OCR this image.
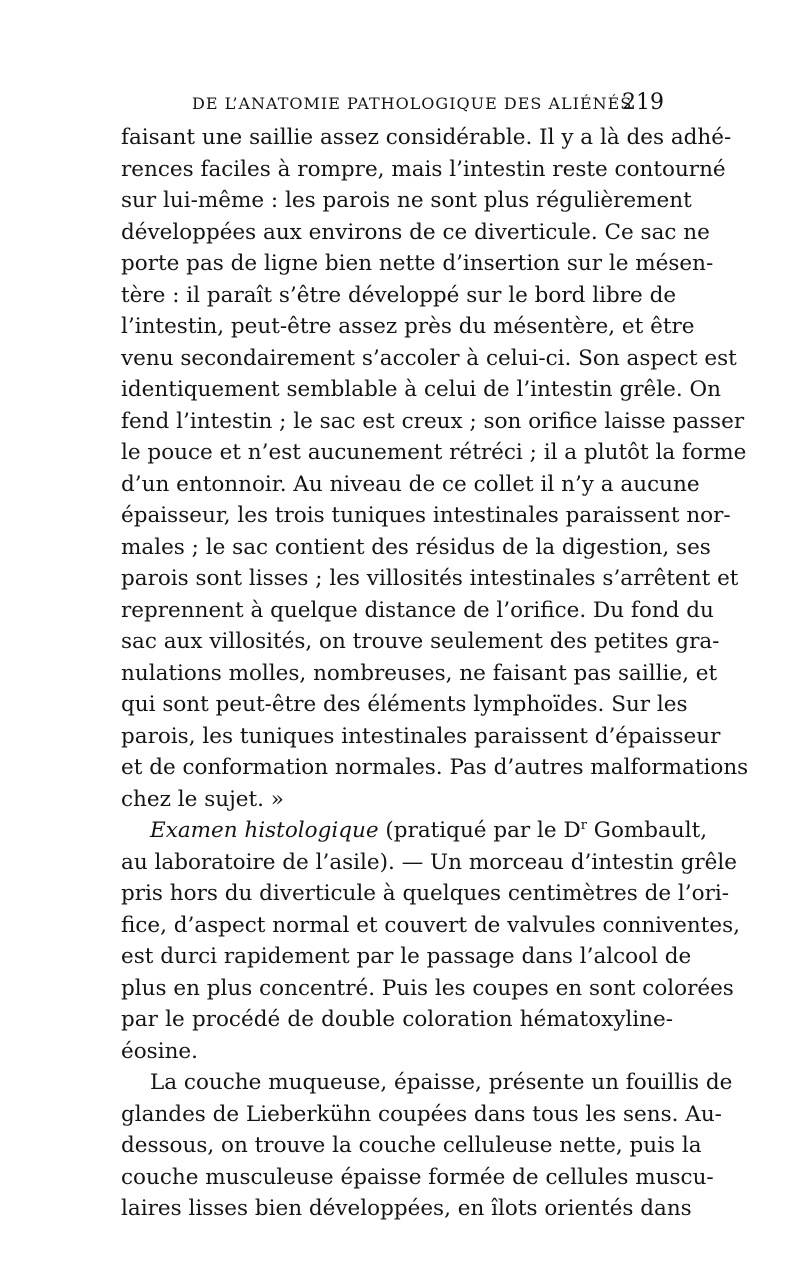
DE L’ANATOMIE PATHOLOGIQUE DES ALIÉNÉS
219
faisant une saillie assez considérable. Il y a là des adhé-
rences faciles à rompre, mais l’intestin reste contourné
sur lui-même : les parois ne sont plus régulièrement
développées aux environs de ce diverticule. Ce sac ne
porte pas de ligne bien nette d’insertion sur le mésen-
tère : il paraît s’être développé sur le bord libre de
l’intestin, peut-être assez près du mésentère, et être
venu secondairement s’accoler à celui-ci. Son aspect est
identiquement semblable à celui de l’intestin grêle. On
fend l’intestin ; le sac est creux ; son orifice laisse passer
le pouce et n’est aucunement rétréci ; il a plutôt la forme
d’un entonnoir. Au niveau de ce collet il n’y a aucune
épaisseur, les trois tuniques intestinales paraissent nor-
males ; le sac contient des résidus de la digestion, ses
parois sont lisses ; les villosités intestinales s’arrêtent et
reprennent à quelque distance de l’orifice. Du fond du
sac aux villosités, on trouve seulement des petites gra-
nulations molles, nombreuses, ne faisant pas saillie, et
qui sont peut-être des éléments lymphoïdes. Sur les
parois, les tuniques intestinales paraissent d’épaisseur
et de conformation normales. Pas d’autres malformations
chez le sujet. »
Examen histologique (pratiqué par le $D^r$ Gombault,
au laboratoire de l’asile). — Un morceau d’intestin grêle
pris hors du diverticule à quelques centimètres de l’ori-
fice, d’aspect normal et couvert de valvules conniventes,
est durci rapidement par le passage dans l’alcool de
plus en plus concentré. Puis les coupes en sont colorées
par le procédé de double coloration hématoxyline-
éosine.
La couche muqueuse, épaisse, présente un fouillis de
glandes de Lieberkühn coupées dans tous les sens. Au-
dessous, on trouve la couche celluleuse nette, puis la
couche musculeuse épaisse formée de cellules muscu-
laires lisses bien développées, en îlots orientés dans
